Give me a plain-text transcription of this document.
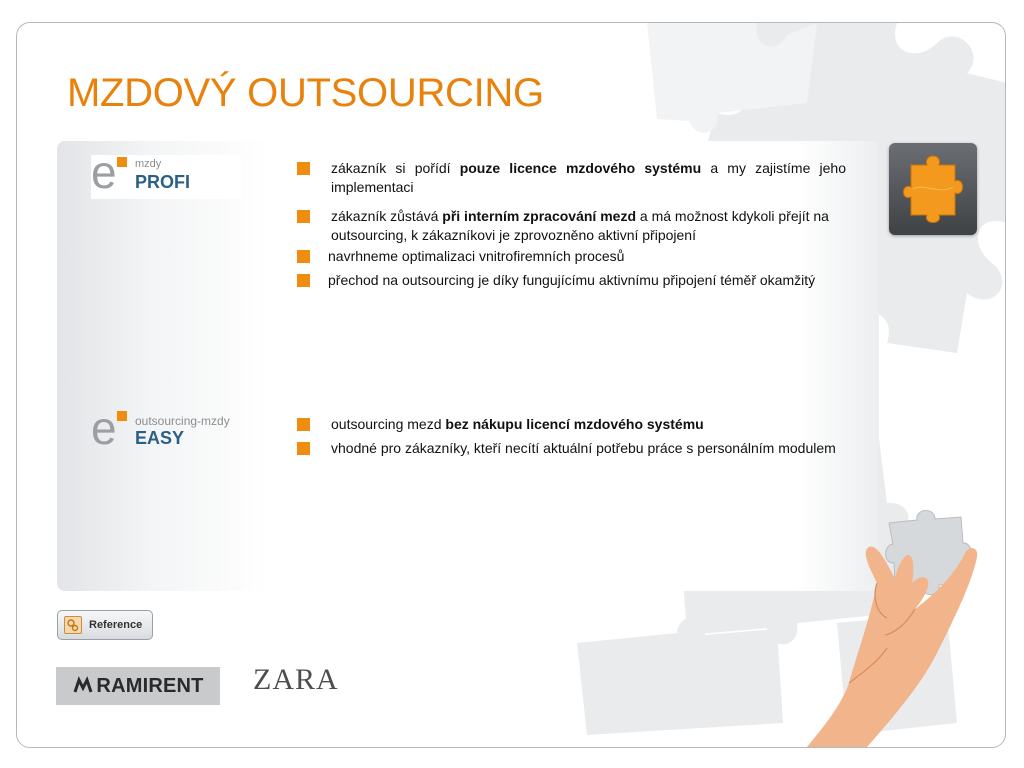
MZDOVÝ OUTSOURCING
e mzdy
PROFI
e outsourcing-mzdy
EASY
zákazník si pořídí pouze licence mzdového systému a my zajistíme jeho implementaci
zákazník zůstává při interním zpracování mezd a má možnost kdykoli přejít na outsourcing, k zákazníkovi je zprovozněno aktivní připojení
navrhneme optimalizaci vnitrofiremních procesů
přechod na outsourcing je díky fungujícímu aktivnímu připojení téměř okamžitý
outsourcing mezd bez nákupu licencí mzdového systému
vhodné pro zákazníky, kteří necítí aktuální potřebu práce s personálním modulem
Reference
RAMIRENT ZARA
